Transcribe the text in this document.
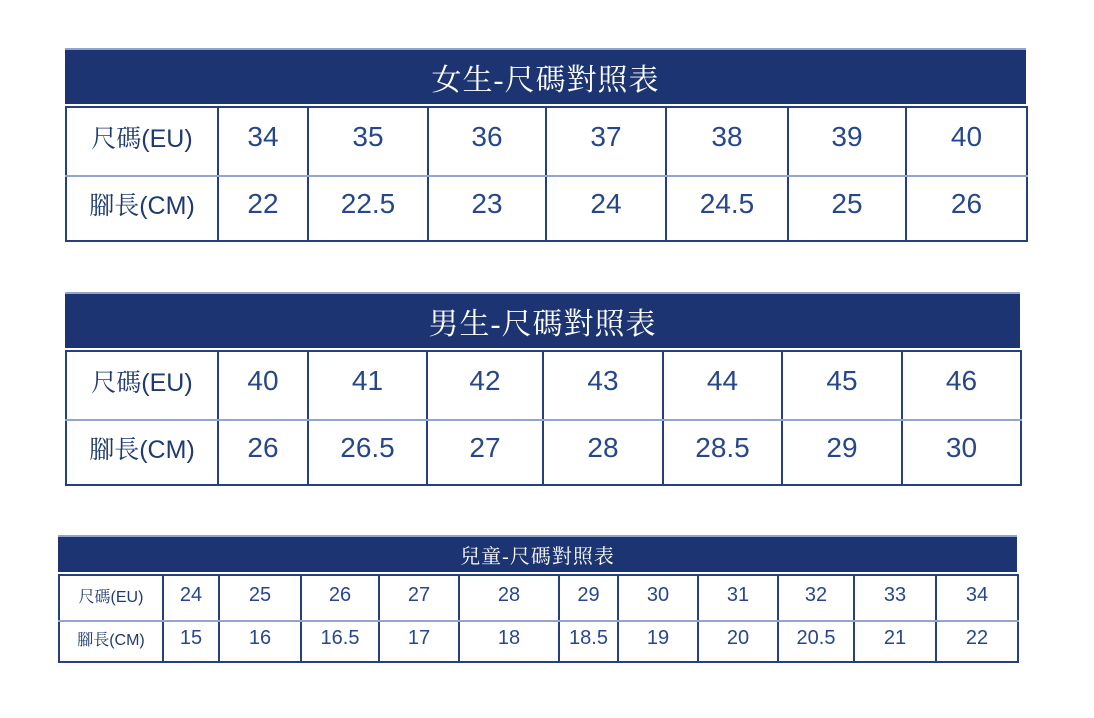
女生-尺碼對照表
尺碼(EU)	34	35	36	37	38	39	40
腳長(CM)	22	22.5	23	24	24.5	25	26
男生-尺碼對照表
尺碼(EU)	40	41	42	43	44	45	46
腳長(CM)	26	26.5	27	28	28.5	29	30
兒童-尺碼對照表
尺碼(EU)	24	25	26	27	28	29	30	31	32	33	34
腳長(CM)	15	16	16.5	17	18	18.5	19	20	20.5	21	22
